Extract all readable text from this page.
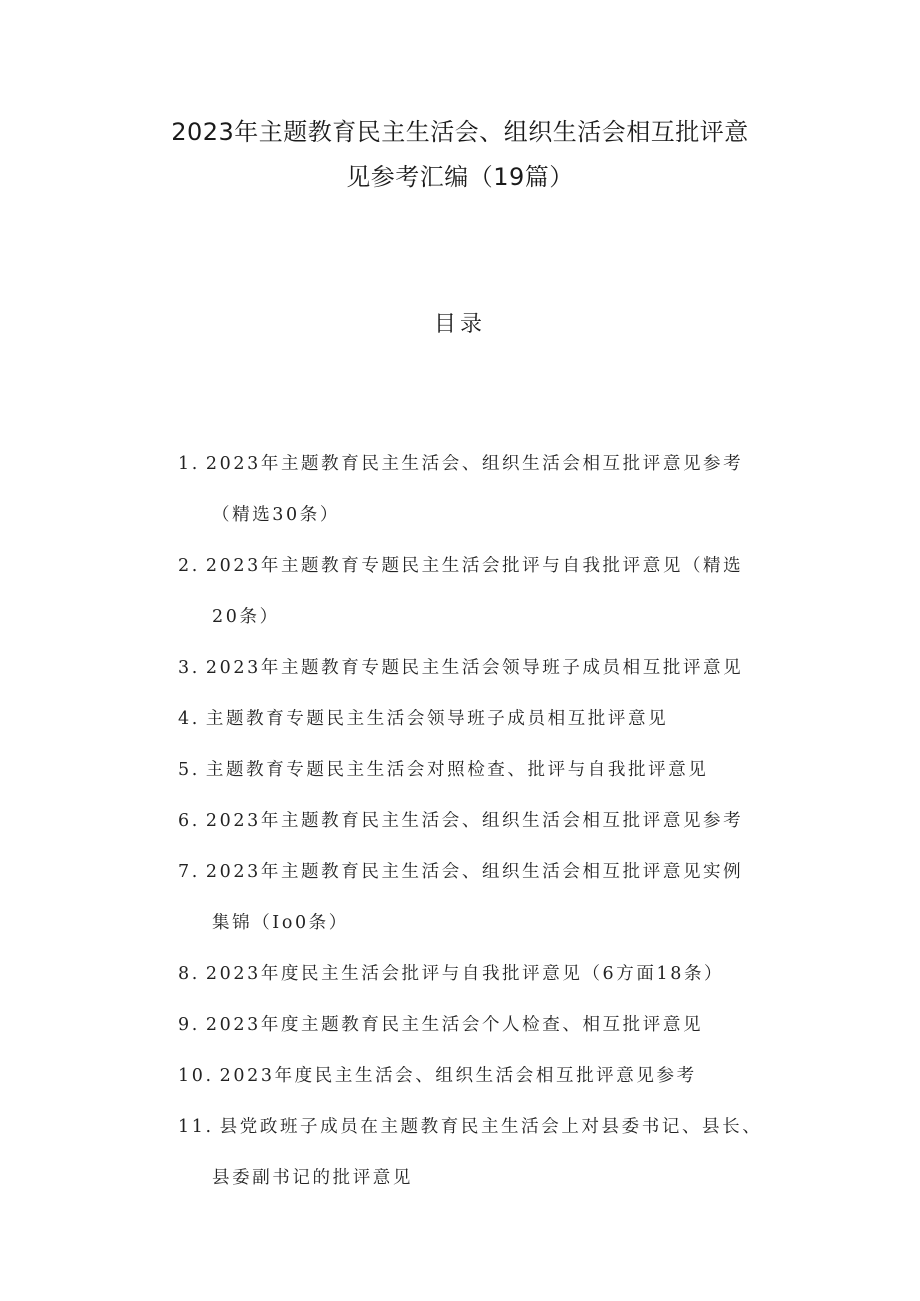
2023年主题教育民主生活会、组织生活会相互批评意
见参考汇编（19篇）
目录
1. 2023年主题教育民主生活会、组织生活会相互批评意见参考
（精选30条）
2. 2023年主题教育专题民主生活会批评与自我批评意见（精选
20条）
3. 2023年主题教育专题民主生活会领导班子成员相互批评意见
4. 主题教育专题民主生活会领导班子成员相互批评意见
5. 主题教育专题民主生活会对照检查、批评与自我批评意见
6. 2023年主题教育民主生活会、组织生活会相互批评意见参考
7. 2023年主题教育民主生活会、组织生活会相互批评意见实例
集锦（Io0条）
8. 2023年度民主生活会批评与自我批评意见（6方面18条）
9. 2023年度主题教育民主生活会个人检查、相互批评意见
10. 2023年度民主生活会、组织生活会相互批评意见参考
11. 县党政班子成员在主题教育民主生活会上对县委书记、县长、
县委副书记的批评意见
